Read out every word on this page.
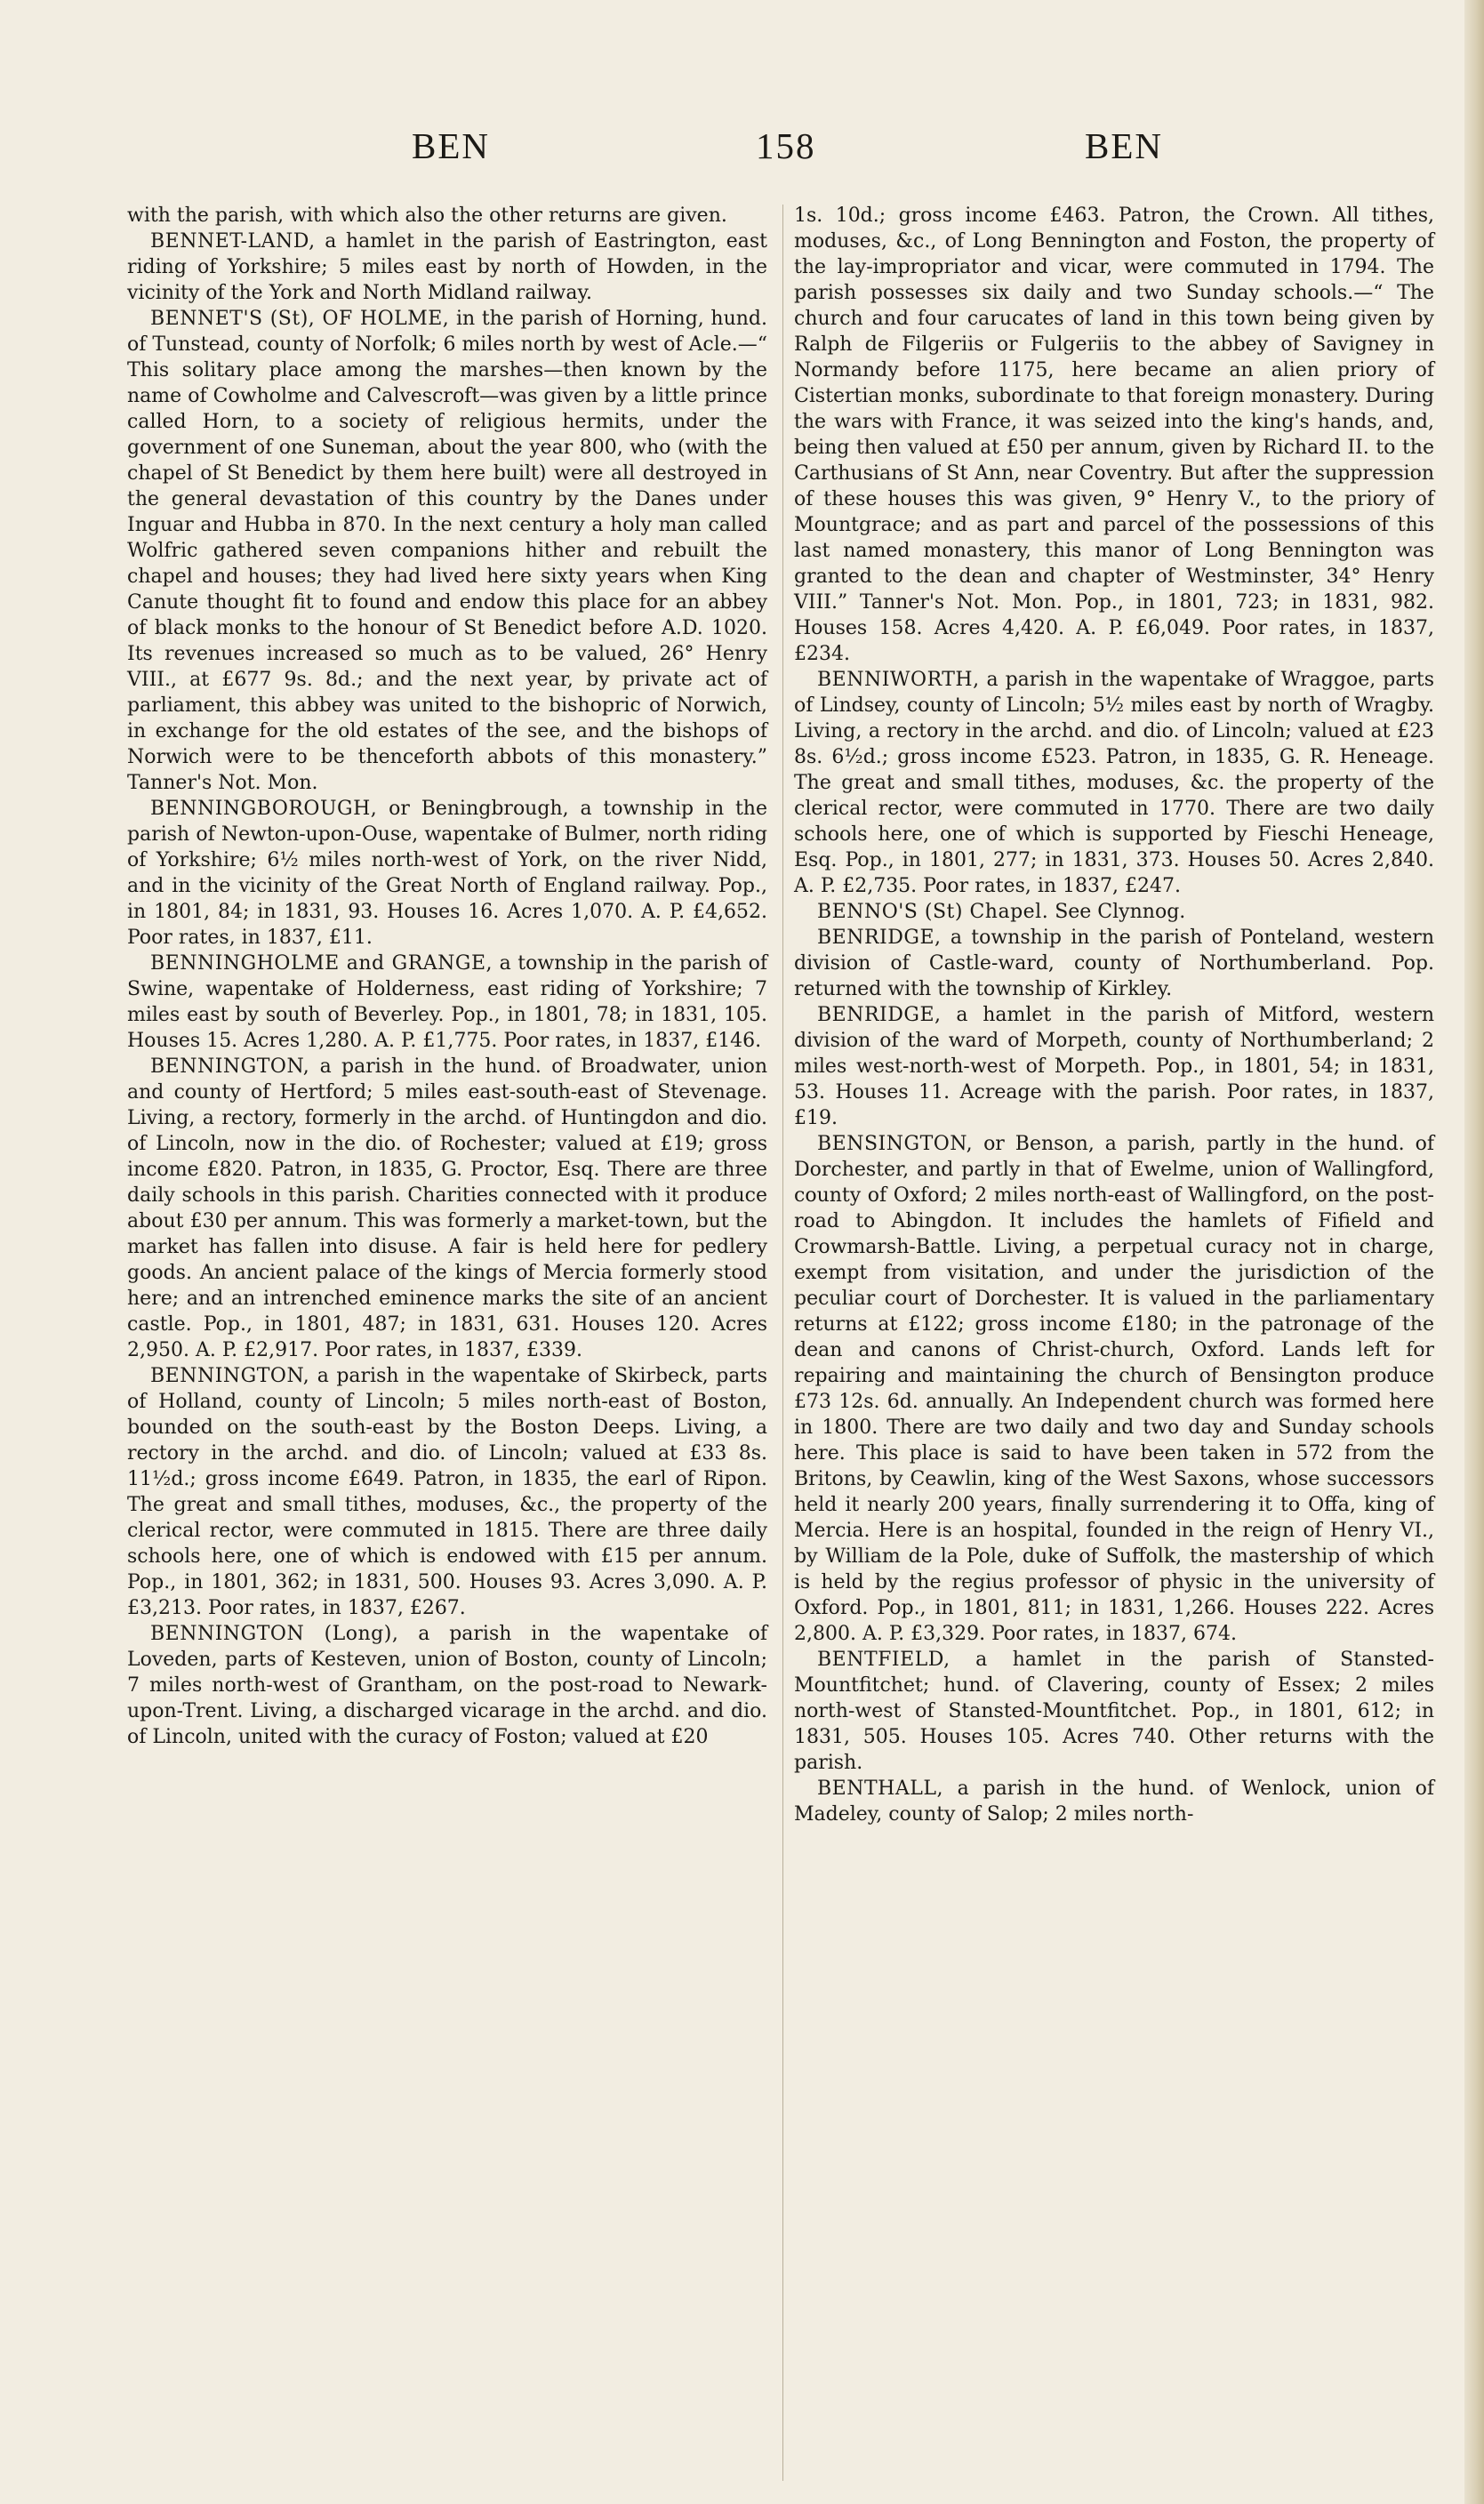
BEN	158	BEN

with the parish, with which also the other returns are given.

BENNET-LAND, a hamlet in the parish of Eastrington, east riding of Yorkshire; 5 miles east by north of Howden, in the vicinity of the York and North Midland railway.

BENNET'S (St), OF HOLME, in the parish of Horning, hund. of Tunstead, county of Norfolk; 6 miles north by west of Acle.—“ This solitary place among the marshes—then known by the name of Cowholme and Calvescroft—was given by a little prince called Horn, to a society of religious hermits, under the government of one Suneman, about the year 800, who (with the chapel of St Benedict by them here built) were all destroyed in the general devastation of this country by the Danes under Inguar and Hubba in 870. In the next century a holy man called Wolfric gathered seven companions hither and rebuilt the chapel and houses; they had lived here sixty years when King Canute thought fit to found and endow this place for an abbey of black monks to the honour of St Benedict before A.D. 1020. Its revenues increased so much as to be valued, 26° Henry VIII., at £677 9s. 8d.; and the next year, by private act of parliament, this abbey was united to the bishopric of Norwich, in exchange for the old estates of the see, and the bishops of Norwich were to be thenceforth abbots of this monastery.” Tanner's Not. Mon.

BENNINGBOROUGH, or Beningbrough, a township in the parish of Newton-upon-Ouse, wapentake of Bulmer, north riding of Yorkshire; 6½ miles north-west of York, on the river Nidd, and in the vicinity of the Great North of England railway. Pop., in 1801, 84; in 1831, 93. Houses 16. Acres 1,070. A. P. £4,652. Poor rates, in 1837, £11.

BENNINGHOLME and GRANGE, a township in the parish of Swine, wapentake of Holderness, east riding of Yorkshire; 7 miles east by south of Beverley. Pop., in 1801, 78; in 1831, 105. Houses 15. Acres 1,280. A. P. £1,775. Poor rates, in 1837, £146.

BENNINGTON, a parish in the hund. of Broadwater, union and county of Hertford; 5 miles east-south-east of Stevenage. Living, a rectory, formerly in the archd. of Huntingdon and dio. of Lincoln, now in the dio. of Rochester; valued at £19; gross income £820. Patron, in 1835, G. Proctor, Esq. There are three daily schools in this parish. Charities connected with it produce about £30 per annum. This was formerly a market-town, but the market has fallen into disuse. A fair is held here for pedlery goods. An ancient palace of the kings of Mercia formerly stood here; and an intrenched eminence marks the site of an ancient castle. Pop., in 1801, 487; in 1831, 631. Houses 120. Acres 2,950. A. P. £2,917. Poor rates, in 1837, £339.

BENNINGTON, a parish in the wapentake of Skirbeck, parts of Holland, county of Lincoln; 5 miles north-east of Boston, bounded on the south-east by the Boston Deeps. Living, a rectory in the archd. and dio. of Lincoln; valued at £33 8s. 11½d.; gross income £649. Patron, in 1835, the earl of Ripon. The great and small tithes, moduses, &c., the property of the clerical rector, were commuted in 1815. There are three daily schools here, one of which is endowed with £15 per annum. Pop., in 1801, 362; in 1831, 500. Houses 93. Acres 3,090. A. P. £3,213. Poor rates, in 1837, £267.

BENNINGTON (Long), a parish in the wapentake of Loveden, parts of Kesteven, union of Boston, county of Lincoln; 7 miles north-west of Grantham, on the post-road to Newark-upon-Trent. Living, a discharged vicarage in the archd. and dio. of Lincoln, united with the curacy of Foston; valued at £20

1s. 10d.; gross income £463. Patron, the Crown. All tithes, moduses, &c., of Long Bennington and Foston, the property of the lay-impropriator and vicar, were commuted in 1794. The parish possesses six daily and two Sunday schools.—“ The church and four carucates of land in this town being given by Ralph de Filgeriis or Fulgeriis to the abbey of Savigney in Normandy before 1175, here became an alien priory of Cistertian monks, subordinate to that foreign monastery. During the wars with France, it was seized into the king's hands, and, being then valued at £50 per annum, given by Richard II. to the Carthusians of St Ann, near Coventry. But after the suppression of these houses this was given, 9° Henry V., to the priory of Mountgrace; and as part and parcel of the possessions of this last named monastery, this manor of Long Bennington was granted to the dean and chapter of Westminster, 34° Henry VIII.” Tanner's Not. Mon. Pop., in 1801, 723; in 1831, 982. Houses 158. Acres 4,420. A. P. £6,049. Poor rates, in 1837, £234.

BENNIWORTH, a parish in the wapentake of Wraggoe, parts of Lindsey, county of Lincoln; 5½ miles east by north of Wragby. Living, a rectory in the archd. and dio. of Lincoln; valued at £23 8s. 6½d.; gross income £523. Patron, in 1835, G. R. Heneage. The great and small tithes, moduses, &c. the property of the clerical rector, were commuted in 1770. There are two daily schools here, one of which is supported by Fieschi Heneage, Esq. Pop., in 1801, 277; in 1831, 373. Houses 50. Acres 2,840. A. P. £2,735. Poor rates, in 1837, £247.

BENNO'S (St) Chapel. See Clynnog.

BENRIDGE, a township in the parish of Ponteland, western division of Castle-ward, county of Northumberland. Pop. returned with the township of Kirkley.

BENRIDGE, a hamlet in the parish of Mitford, western division of the ward of Morpeth, county of Northumberland; 2 miles west-north-west of Morpeth. Pop., in 1801, 54; in 1831, 53. Houses 11. Acreage with the parish. Poor rates, in 1837, £19.

BENSINGTON, or Benson, a parish, partly in the hund. of Dorchester, and partly in that of Ewelme, union of Wallingford, county of Oxford; 2 miles north-east of Wallingford, on the post-road to Abingdon. It includes the hamlets of Fifield and Crowmarsh-Battle. Living, a perpetual curacy not in charge, exempt from visitation, and under the jurisdiction of the peculiar court of Dorchester. It is valued in the parliamentary returns at £122; gross income £180; in the patronage of the dean and canons of Christ-church, Oxford. Lands left for repairing and maintaining the church of Bensington produce £73 12s. 6d. annually. An Independent church was formed here in 1800. There are two daily and two day and Sunday schools here. This place is said to have been taken in 572 from the Britons, by Ceawlin, king of the West Saxons, whose successors held it nearly 200 years, finally surrendering it to Offa, king of Mercia. Here is an hospital, founded in the reign of Henry VI., by William de la Pole, duke of Suffolk, the mastership of which is held by the regius professor of physic in the university of Oxford. Pop., in 1801, 811; in 1831, 1,266. Houses 222. Acres 2,800. A. P. £3,329. Poor rates, in 1837, 674.

BENTFIELD, a hamlet in the parish of Stansted-Mountfitchet; hund. of Clavering, county of Essex; 2 miles north-west of Stansted-Mountfitchet. Pop., in 1801, 612; in 1831, 505. Houses 105. Acres 740. Other returns with the parish.

BENTHALL, a parish in the hund. of Wenlock, union of Madeley, county of Salop; 2 miles north-
